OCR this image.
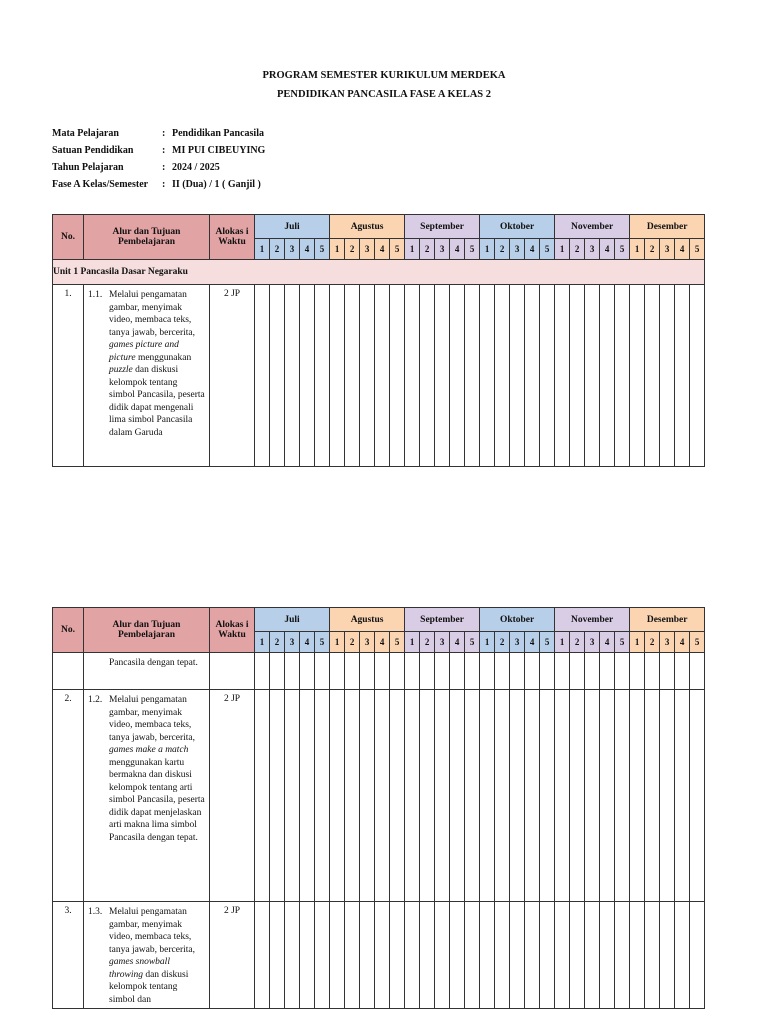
PROGRAM SEMESTER KURIKULUM MERDEKA
PENDIDIKAN PANCASILA FASE A KELAS 2
Mata Pelajaran	: Pendidikan Pancasila
Satuan Pendidikan	: MI PUI CIBEUYING
Tahun Pelajaran	: 2024 / 2025
Fase A Kelas/Semester : II (Dua) / 1 ( Ganjil )
No.	Alur dan Tujuan Pembelajaran	Alokas i Waktu	Juli					Agustus					September					Oktober					November					Desember				
			1	2	3	4	5	1	2	3	4	5	1	2	3	4	5	1	2	3	4	5	1	2	3	4	5	1	2	3	4	5
Unit 1 Pancasila Dasar Negaraku																																
1.	1.1. Melalui pengamatan gambar, menyimak video, membaca teks, tanya jawab, bercerita, games picture and picture menggunakan puzzle dan diskusi kelompok tentang simbol Pancasila, peserta didik dapat mengenali lima simbol Pancasila dalam Garuda	2 JP																														
No.	Alur dan Tujuan Pembelajaran	Alokas i Waktu	Juli					Agustus					September					Oktober					November					Desember				
			1	2	3	4	5	1	2	3	4	5	1	2	3	4	5	1	2	3	4	5	1	2	3	4	5	1	2	3	4	5

	Pancasila dengan tepat.																															

2.	1.2. Melalui pengamatan gambar, menyimak video, membaca teks, tanya jawab, bercerita, games make a match menggunakan kartu bermakna dan diskusi kelompok tentang arti simbol Pancasila, peserta didik dapat menjelaskan arti makna lima simbol Pancasila dengan tepat.	2 JP																														
3.	1.3. Melalui pengamatan gambar, menyimak video, membaca teks, tanya jawab, bercerita, games snowball throwing dan diskusi kelompok tentang simbol dan	2 JP																														
